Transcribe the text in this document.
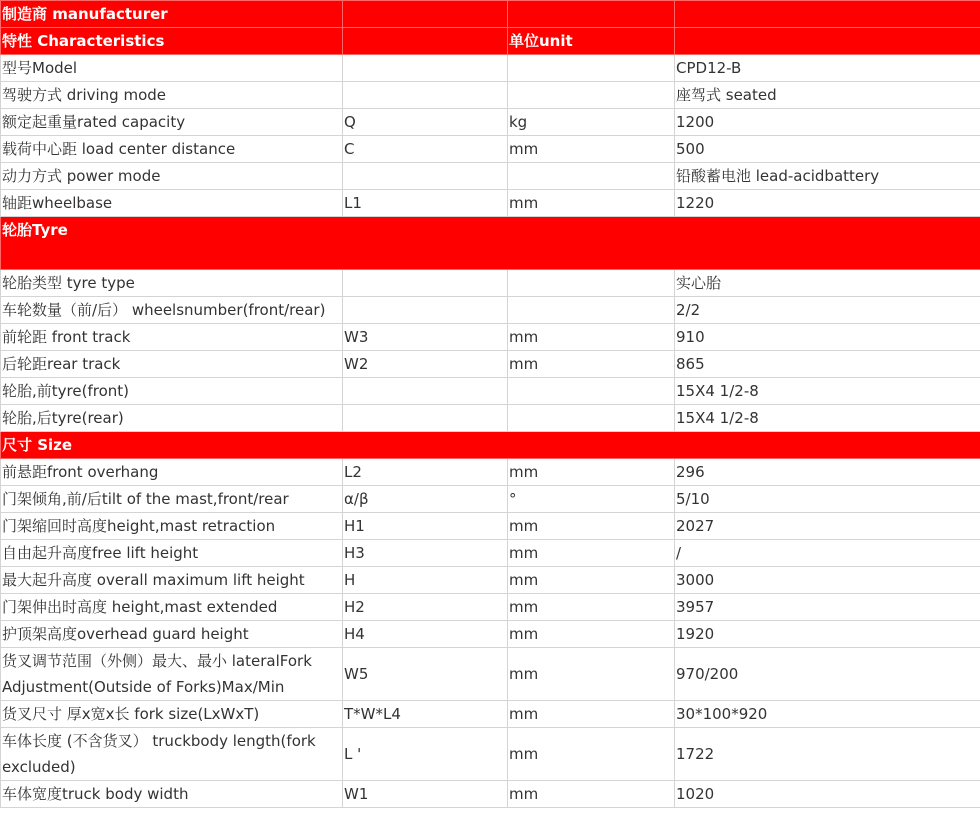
制造商 manufacturer			
特性 Characteristics		单位unit	
型号Model			CPD12-B
驾驶方式 driving mode			座驾式 seated
额定起重量rated capacity	Q	kg	1200
载荷中心距 load center distance	C	mm	500
动力方式 power mode			铅酸蓄电池 lead-acidbattery
轴距wheelbase	L1	mm	1220
轮胎Tyre			
轮胎类型 tyre type			实心胎
车轮数量（前/后） wheelsnumber(front/rear)			2/2
前轮距 front track	W3	mm	910
后轮距rear track	W2	mm	865
轮胎,前tyre(front)			15X4 1/2-8
轮胎,后tyre(rear)			15X4 1/2-8
尺寸 Size			
前悬距front overhang	L2	mm	296
门架倾角,前/后tilt of the mast,front/rear	α/β	°	5/10
门架缩回时高度height,mast retraction	H1	mm	2027
自由起升高度free lift height	H3	mm	/
最大起升高度 overall maximum lift height	H	mm	3000
门架伸出时高度 height,mast extended	H2	mm	3957
护顶架高度overhead guard height	H4	mm	1920
货叉调节范围（外侧）最大、最小 lateralFork Adjustment(Outside of Forks)Max/Min	W5	mm	970/200
货叉尺寸 厚x宽x长 fork size(LxWxT)	T*W*L4	mm	30*100*920
车体长度 (不含货叉） truckbody length(fork excluded)	L '	mm	1722
车体宽度truck body width	W1	mm	1020
